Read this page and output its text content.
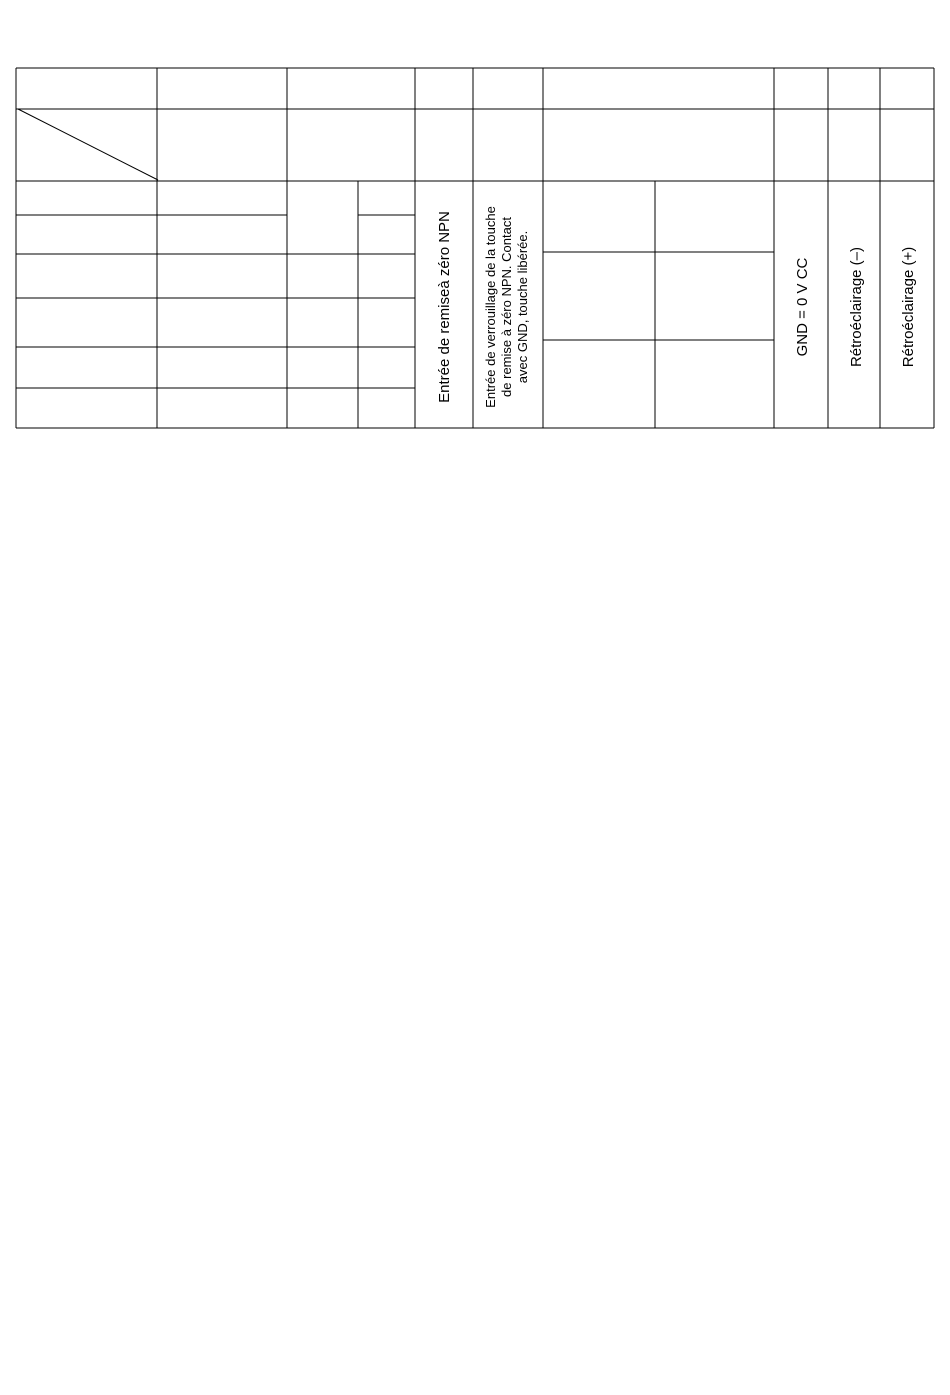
Entrée de remiseà zéro NPN Entrée de verrouillage de la touche de remise à zéro NPN. Contact avec GND, touche libérée.	GND = 0 V CC Rétroéclairage (–) Rétroéclairage (+)
